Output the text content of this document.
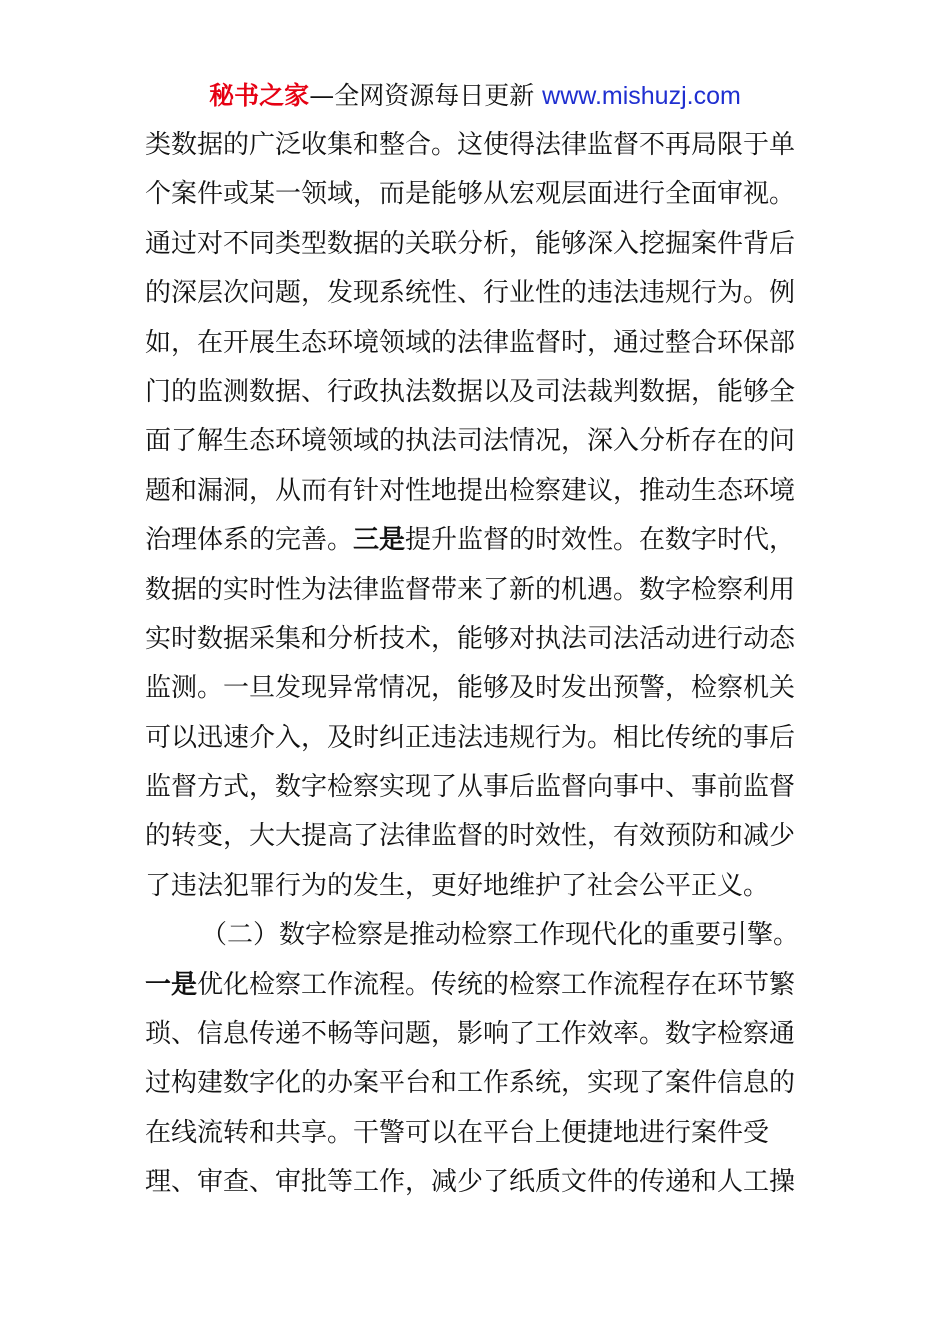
秘书之家—全网资源每日更新 www.mishuzj.com
类数据的广泛收集和整合。这使得法律监督不再局限于单
个案件或某一领域，而是能够从宏观层面进行全面审视。
通过对不同类型数据的关联分析，能够深入挖掘案件背后
的深层次问题，发现系统性、行业性的违法违规行为。例
如，在开展生态环境领域的法律监督时，通过整合环保部
门的监测数据、行政执法数据以及司法裁判数据，能够全
面了解生态环境领域的执法司法情况，深入分析存在的问
题和漏洞，从而有针对性地提出检察建议，推动生态环境
治理体系的完善。三是提升监督的时效性。在数字时代，
数据的实时性为法律监督带来了新的机遇。数字检察利用
实时数据采集和分析技术，能够对执法司法活动进行动态
监测。一旦发现异常情况，能够及时发出预警，检察机关
可以迅速介入，及时纠正违法违规行为。相比传统的事后
监督方式，数字检察实现了从事后监督向事中、事前监督
的转变，大大提高了法律监督的时效性，有效预防和减少
了违法犯罪行为的发生，更好地维护了社会公平正义。
（二）数字检察是推动检察工作现代化的重要引擎。
一是优化检察工作流程。传统的检察工作流程存在环节繁
琐、信息传递不畅等问题，影响了工作效率。数字检察通
过构建数字化的办案平台和工作系统，实现了案件信息的
在线流转和共享。干警可以在平台上便捷地进行案件受
理、审查、审批等工作，减少了纸质文件的传递和人工操
